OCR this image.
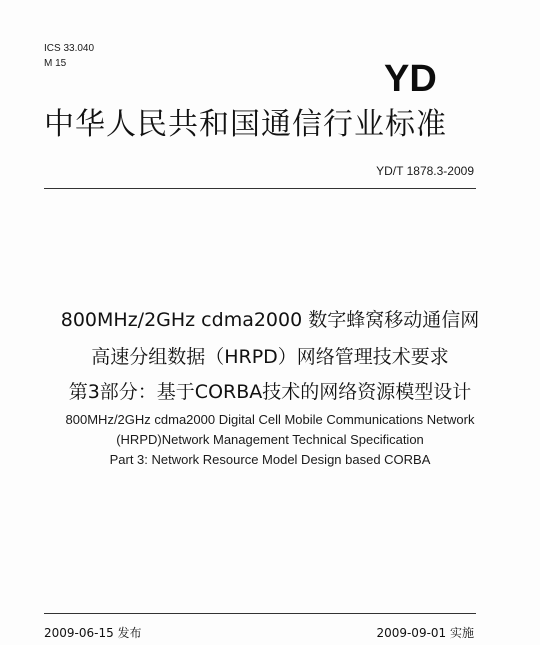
ICS 33.040
M 15	YD
中华人民共和国通信行业标准
YD/T 1878.3-2009
800MHz/2GHz cdma2000 数字蜂窝移动通信网
高速分组数据（HRPD）网络管理技术要求
第3部分：基于CORBA技术的网络资源模型设计
800MHz/2GHz cdma2000 Digital Cell Mobile Communications Network
(HRPD)Network Management Technical Specification
Part 3: Network Resource Model Design based CORBA
2009-06-15 发布	2009-09-01 实施
